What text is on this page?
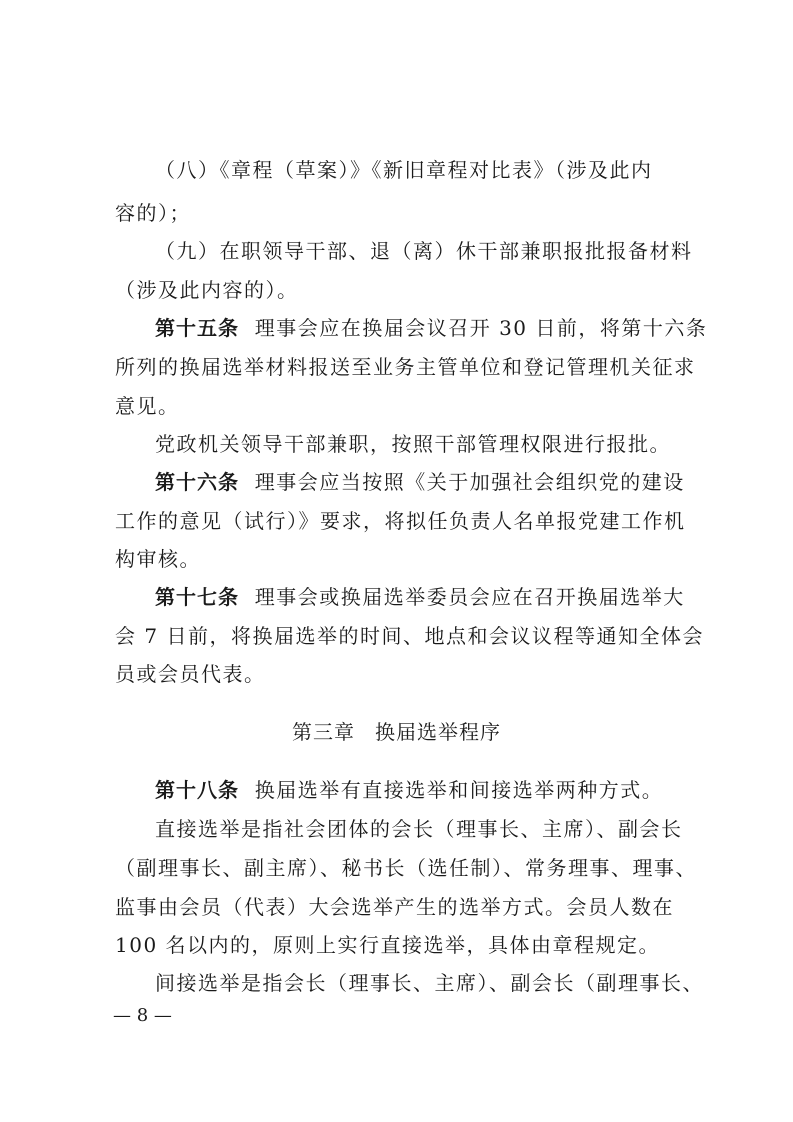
（八）《章程（草案）》《新旧章程对比表》（涉及此内
容的）；
（九）在职领导干部、退（离）休干部兼职报批报备材料
（涉及此内容的）。
第十五条 理事会应在换届会议召开 30 日前，将第十六条
所列的换届选举材料报送至业务主管单位和登记管理机关征求
意见。
党政机关领导干部兼职，按照干部管理权限进行报批。
第十六条 理事会应当按照《关于加强社会组织党的建设
工作的意见（试行）》要求，将拟任负责人名单报党建工作机
构审核。
第十七条 理事会或换届选举委员会应在召开换届选举大
会 7 日前，将换届选举的时间、地点和会议议程等通知全体会
员或会员代表。
第三章 换届选举程序
第十八条 换届选举有直接选举和间接选举两种方式。
直接选举是指社会团体的会长（理事长、主席）、副会长
（副理事长、副主席）、秘书长（选任制）、常务理事、理事、
监事由会员（代表）大会选举产生的选举方式。会员人数在
100 名以内的，原则上实行直接选举，具体由章程规定。
间接选举是指会长（理事长、主席）、副会长（副理事长、
— 8 —
